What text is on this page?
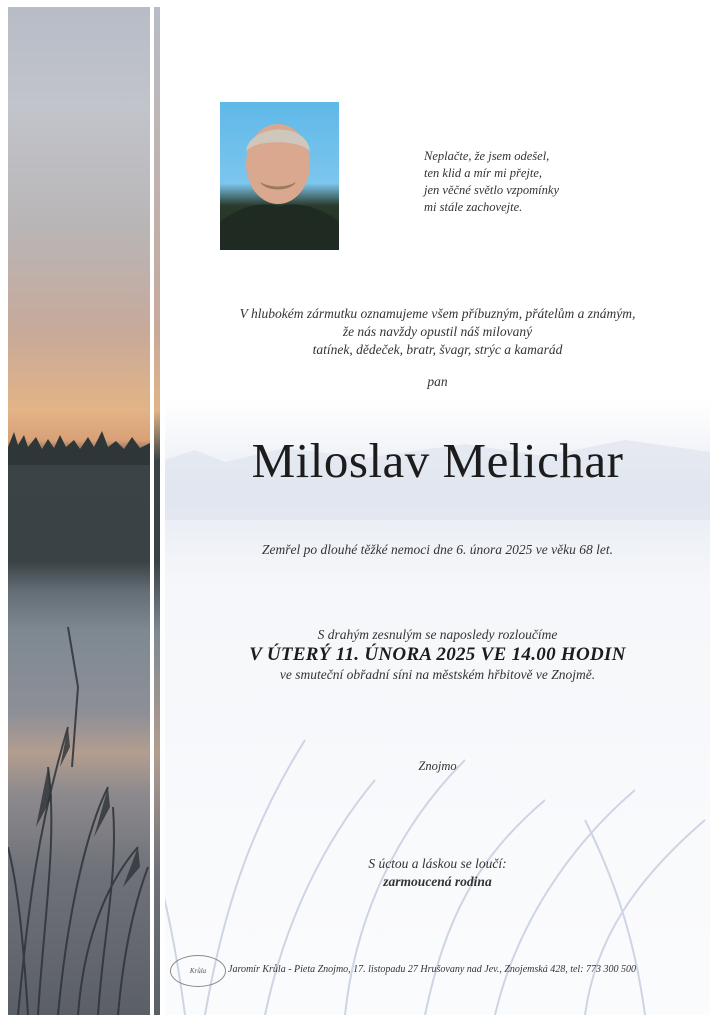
Neplačte, že jsem odešel,
ten klid a mír mi přejte,
jen věčné světlo vzpomínky
mi stále zachovejte.
V hlubokém zármutku oznamujeme všem příbuzným, přátelům a známým,
že nás navždy opustil náš milovaný
tatínek, dědeček, bratr, švagr, strýc a kamarád
pan
Miloslav Melichar
Zemřel po dlouhé těžké nemoci dne 6. února 2025 ve věku 68 let.
S drahým zesnulým se naposledy rozloučíme
V ÚTERÝ 11. ÚNORA 2025 VE 14.00 HODIN
ve smuteční obřadní síni na městském hřbitově ve Znojmě.
Znojmo
S úctou a láskou se loučí:
zarmoucená rodina
Krůla Jaromír Krůla - Pieta Znojmo, 17. listopadu 27 Hrušovany nad Jev., Znojemská 428, tel: 773 300 500
